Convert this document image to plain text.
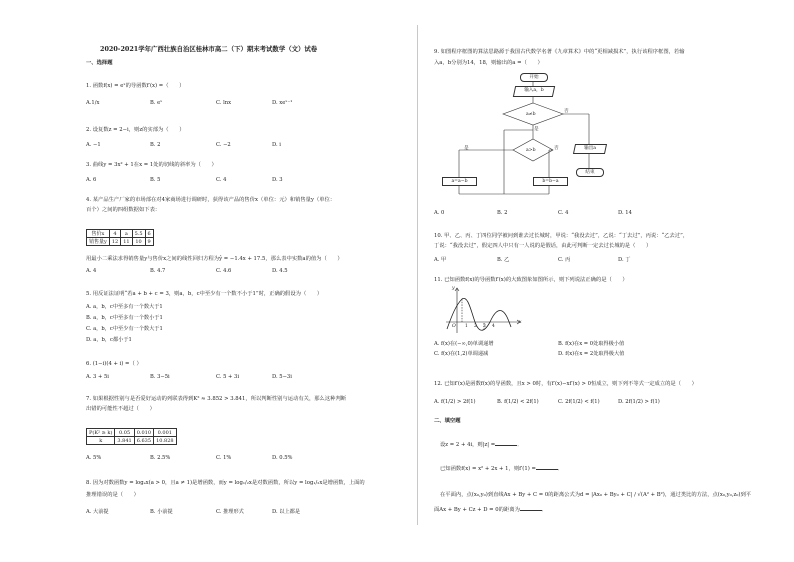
2020-2021学年广西壮族自治区桂林市高二（下）期末考试数学（文）试卷
一、选择题
1. 函数f(x) = eˣ的导函数f′(x) =（　　）
A.1/x	B. eˣ	C. lnx	D. xeˣ⁻¹
2. 设复数z = 2−i，则z的实部为（　　）
A. −1	B. 2	C. −2	D. i
3. 曲线y = 3x² + 1在x = 1处的切线的斜率为（　　）
A. 6	B. 5	C. 4	D. 3
4. 某产品生产厂家的市场部在对4家商场进行调研时，获得该产品的售价x（单位：元）和销售量y（单位：
百个）之间的四组数据如下表：
售价x	4	a	5.5	6
销售量y	12	11	10	9
用最小二乘法求得销售量y与售价x之间的线性回归方程为ŷ = −1.4x + 17.5，那么表中实数a的值为（　　）
A. 4	B. 4.7	C. 4.6	D. 4.5
5. 用反证法证明“若a + b + c = 3，则a，b，c中至少有一个数不小于1”时，正确的假设为（　　）
A. a，b，c中至多有一个数大于1
B. a，b，c中至多有一个数小于1
C. a，b，c中至少有一个数大于1
D. a，b，c都小于1
6. (1−i)(4 + i) =（ ）
A. 3 + 5i	B. 3−5i	C. 5 + 3i	D. 5−3i
7. 如果根据性别与是否爱好运动的列联表得到K² ≈ 3.852 > 3.841，所以判断性别与运动有关，那么这种判断
出错的可能性不超过（　　）
P(K² ≥ k)	0.05	0.010	0.001
k	3.841	6.635	10.828
A. 5%	B. 2.5%	C. 1%	D. 0.5%
8. 因为对数函数y = logₐx(a > 0，且a ≠ 1)是增函数，而y = log₁/₂x是对数函数，所以y = log₁/₂x是增函数，上面的
推理错误的是（　　）
A. 大前提	B. 小前提	C. 推理形式	D. 以上都是
9. 如图程序框图的算法思路源于我国古代数学名著《九章算术》中的“更相减损术”，执行该程序框图，若输
入a，b分别为14，18，则输出的a =（　　）
开始
输入a，b
a≠b
a>b
是
否
是	否
a=a−b	b=b−a
输出a
结束
A. 0	B. 2	C. 4	D. 14
10. 甲、乙、丙、丁四位同学被问到谁去过长城时，甲说：“我没去过”，乙说：“丁去过”，丙说：“乙去过”，
丁说：“我没去过”，假定四人中只有一人说的是假话，由此可判断一定去过长城的是（　　）
A. 甲	B. 乙	C. 丙	D. 丁
11. 已知函数f(x)的导函数f′(x)的大致图象如图所示，则下列说法正确的是（　　）
y
x
O 1 2 3 4
A. f(x)在(−∞,0)单调递增	B. f(x)在x = 0处取得极小值
C. f(x)在(1,2)单调递减	D. f(x)在x = 2处取得极大值
12. 已知f′(x)是函数f(x)的导函数，且x > 0时，有f′(x)−xf′(x) > 0恒成立，则下列不等式一定成立的是（　　）
A. f(1/2) > 2f(1)	B. f(1/2) < 2f(1)	C. 2f(1/2) < f(1)	D. 2f(1/2) > f(1)
二、填空题
设z = 2 + 4i，则|z| =	．
已知函数f(x) = x² + 2x + 1，则f′(1) =	．
在平面内，点(x₀,y₀)到直线Ax + By + C = 0的距离公式为d = |Ax₀ + By₀ + C| / √(A² + B²)，通过类比的方法，点(x₀,y₀,z₀)到平
面Ax + By + Cz + D = 0的距离为	．
